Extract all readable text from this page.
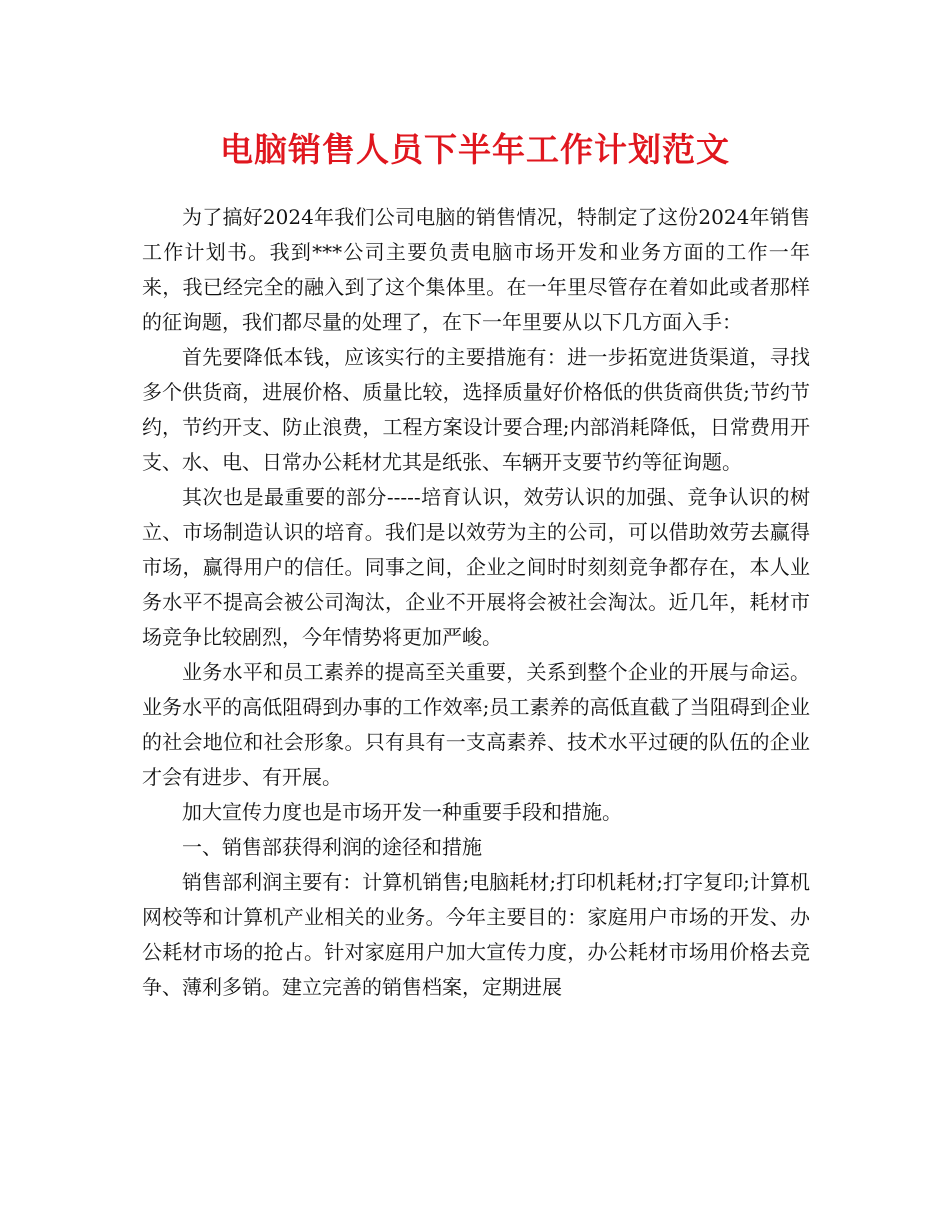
电脑销售人员下半年工作计划范文

为了搞好2024年我们公司电脑的销售情况，特制定了这份2024年销售工作计划书。我到***公司主要负责电脑市场开发和业务方面的工作一年来，我已经完全的融入到了这个集体里。在一年里尽管存在着如此或者那样的征询题，我们都尽量的处理了，在下一年里要从以下几方面入手：

首先要降低本钱，应该实行的主要措施有：进一步拓宽进货渠道，寻找多个供货商，进展价格、质量比较，选择质量好价格低的供货商供货;节约节约，节约开支、防止浪费，工程方案设计要合理;内部消耗降低，日常费用开支、水、电、日常办公耗材尤其是纸张、车辆开支要节约等征询题。

其次也是最重要的部分-----培育认识，效劳认识的加强、竞争认识的树立、市场制造认识的培育。我们是以效劳为主的公司，可以借助效劳去赢得市场，赢得用户的信任。同事之间，企业之间时时刻刻竞争都存在，本人业务水平不提高会被公司淘汰，企业不开展将会被社会淘汰。近几年，耗材市场竞争比较剧烈，今年情势将更加严峻。

业务水平和员工素养的提高至关重要，关系到整个企业的开展与命运。业务水平的高低阻碍到办事的工作效率;员工素养的高低直截了当阻碍到企业的社会地位和社会形象。只有具有一支高素养、技术水平过硬的队伍的企业才会有进步、有开展。

加大宣传力度也是市场开发一种重要手段和措施。

一、销售部获得利润的途径和措施

销售部利润主要有：计算机销售;电脑耗材;打印机耗材;打字复印;计算机网校等和计算机产业相关的业务。今年主要目的：家庭用户市场的开发、办公耗材市场的抢占。针对家庭用户加大宣传力度，办公耗材市场用价格去竞争、薄利多销。建立完善的销售档案，定期进展
